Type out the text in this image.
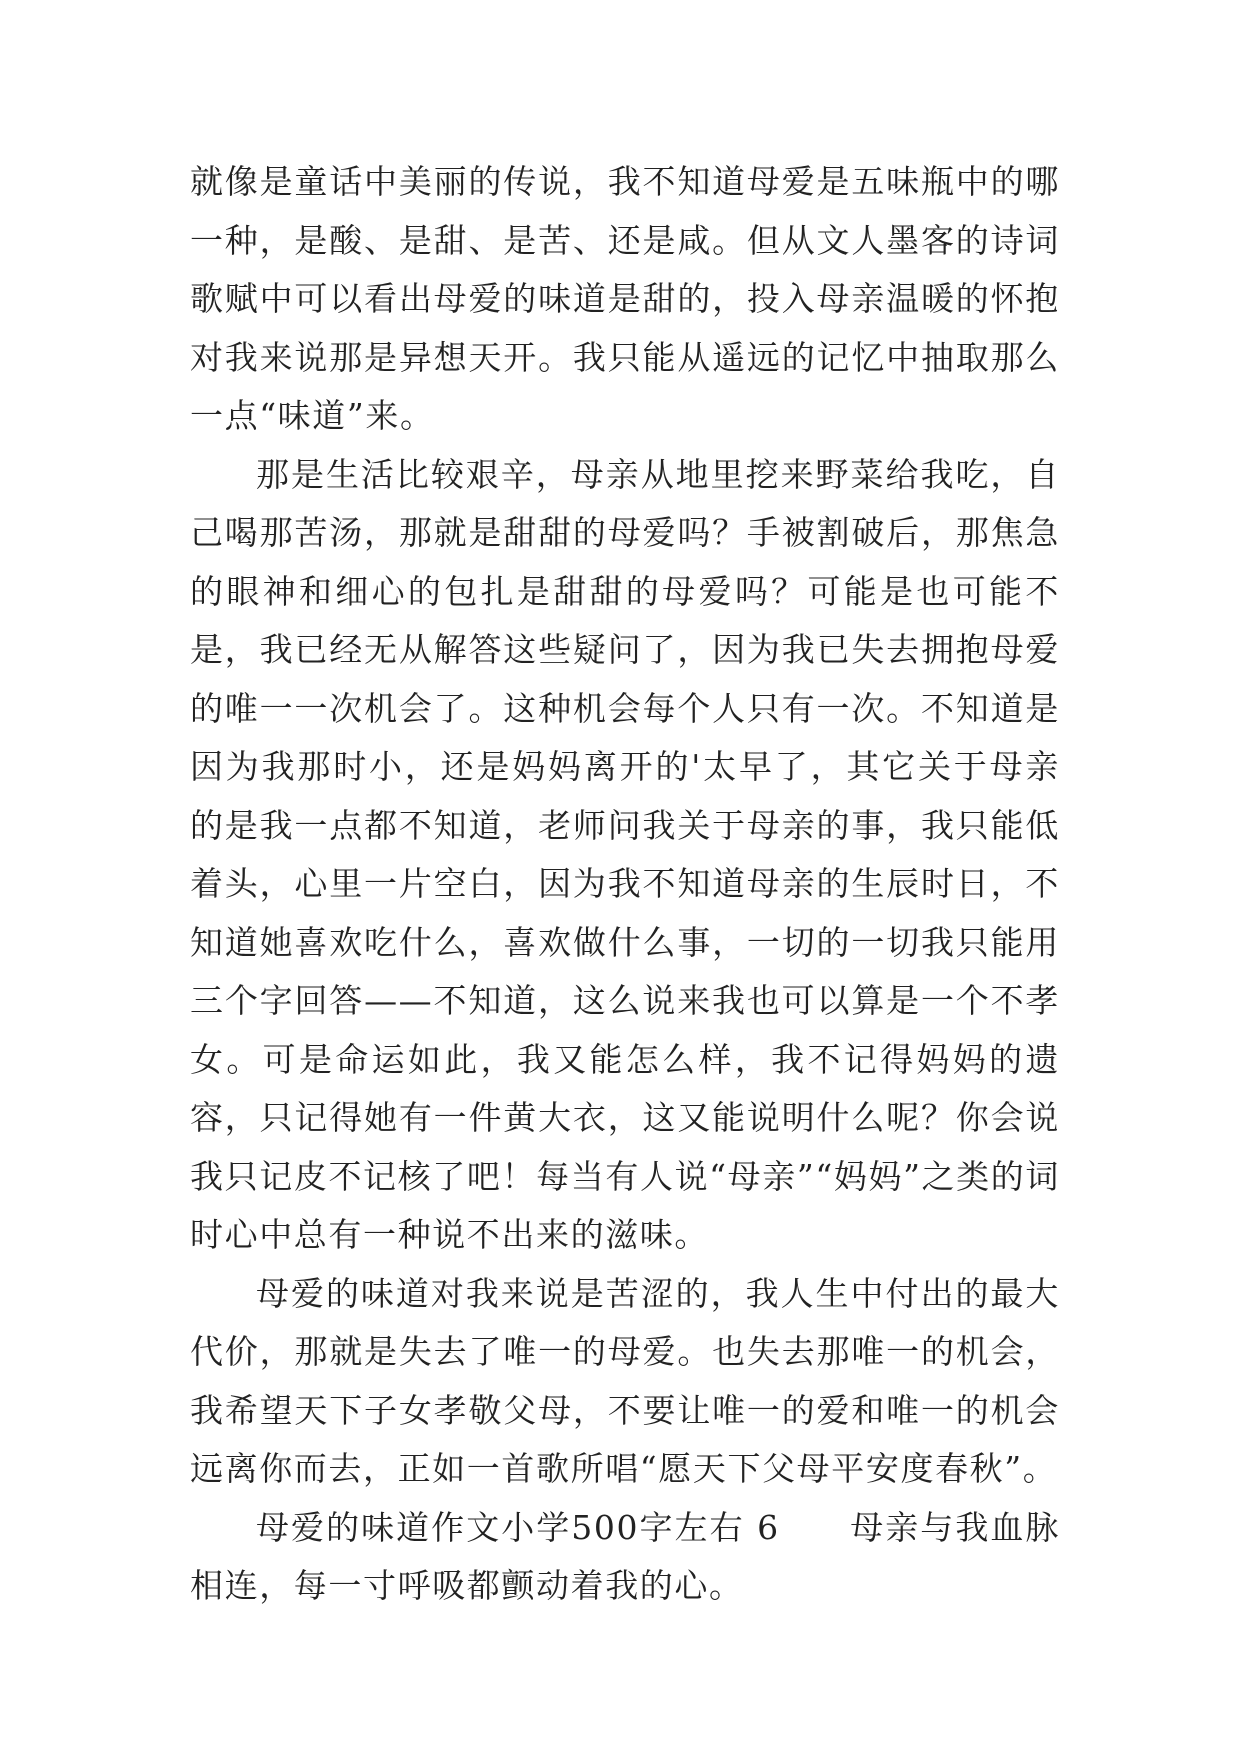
就像是童话中美丽的传说，我不知道母爱是五味瓶中的哪一种，是酸、是甜、是苦、还是咸。但从文人墨客的诗词歌赋中可以看出母爱的味道是甜的，投入母亲温暖的怀抱对我来说那是异想天开。我只能从遥远的记忆中抽取那么一点“味道”来。

那是生活比较艰辛，母亲从地里挖来野菜给我吃，自己喝那苦汤，那就是甜甜的母爱吗？手被割破后，那焦急的眼神和细心的包扎是甜甜的母爱吗？可能是也可能不是，我已经无从解答这些疑问了，因为我已失去拥抱母爱的唯一一次机会了。这种机会每个人只有一次。不知道是因为我那时小，还是妈妈离开的'太早了，其它关于母亲的是我一点都不知道，老师问我关于母亲的事，我只能低着头，心里一片空白，因为我不知道母亲的生辰时日，不知道她喜欢吃什么，喜欢做什么事，一切的一切我只能用三个字回答——不知道，这么说来我也可以算是一个不孝女。可是命运如此，我又能怎么样，我不记得妈妈的遗容，只记得她有一件黄大衣，这又能说明什么呢？你会说我只记皮不记核了吧！每当有人说“母亲”“妈妈”之类的词时心中总有一种说不出来的滋味。

母爱的味道对我来说是苦涩的，我人生中付出的最大代价，那就是失去了唯一的母爱。也失去那唯一的机会，我希望天下子女孝敬父母，不要让唯一的爱和唯一的机会远离你而去，正如一首歌所唱“愿天下父母平安度春秋”。

母爱的味道作文小学500字左右 6　　母亲与我血脉相连，每一寸呼吸都颤动着我的心。
